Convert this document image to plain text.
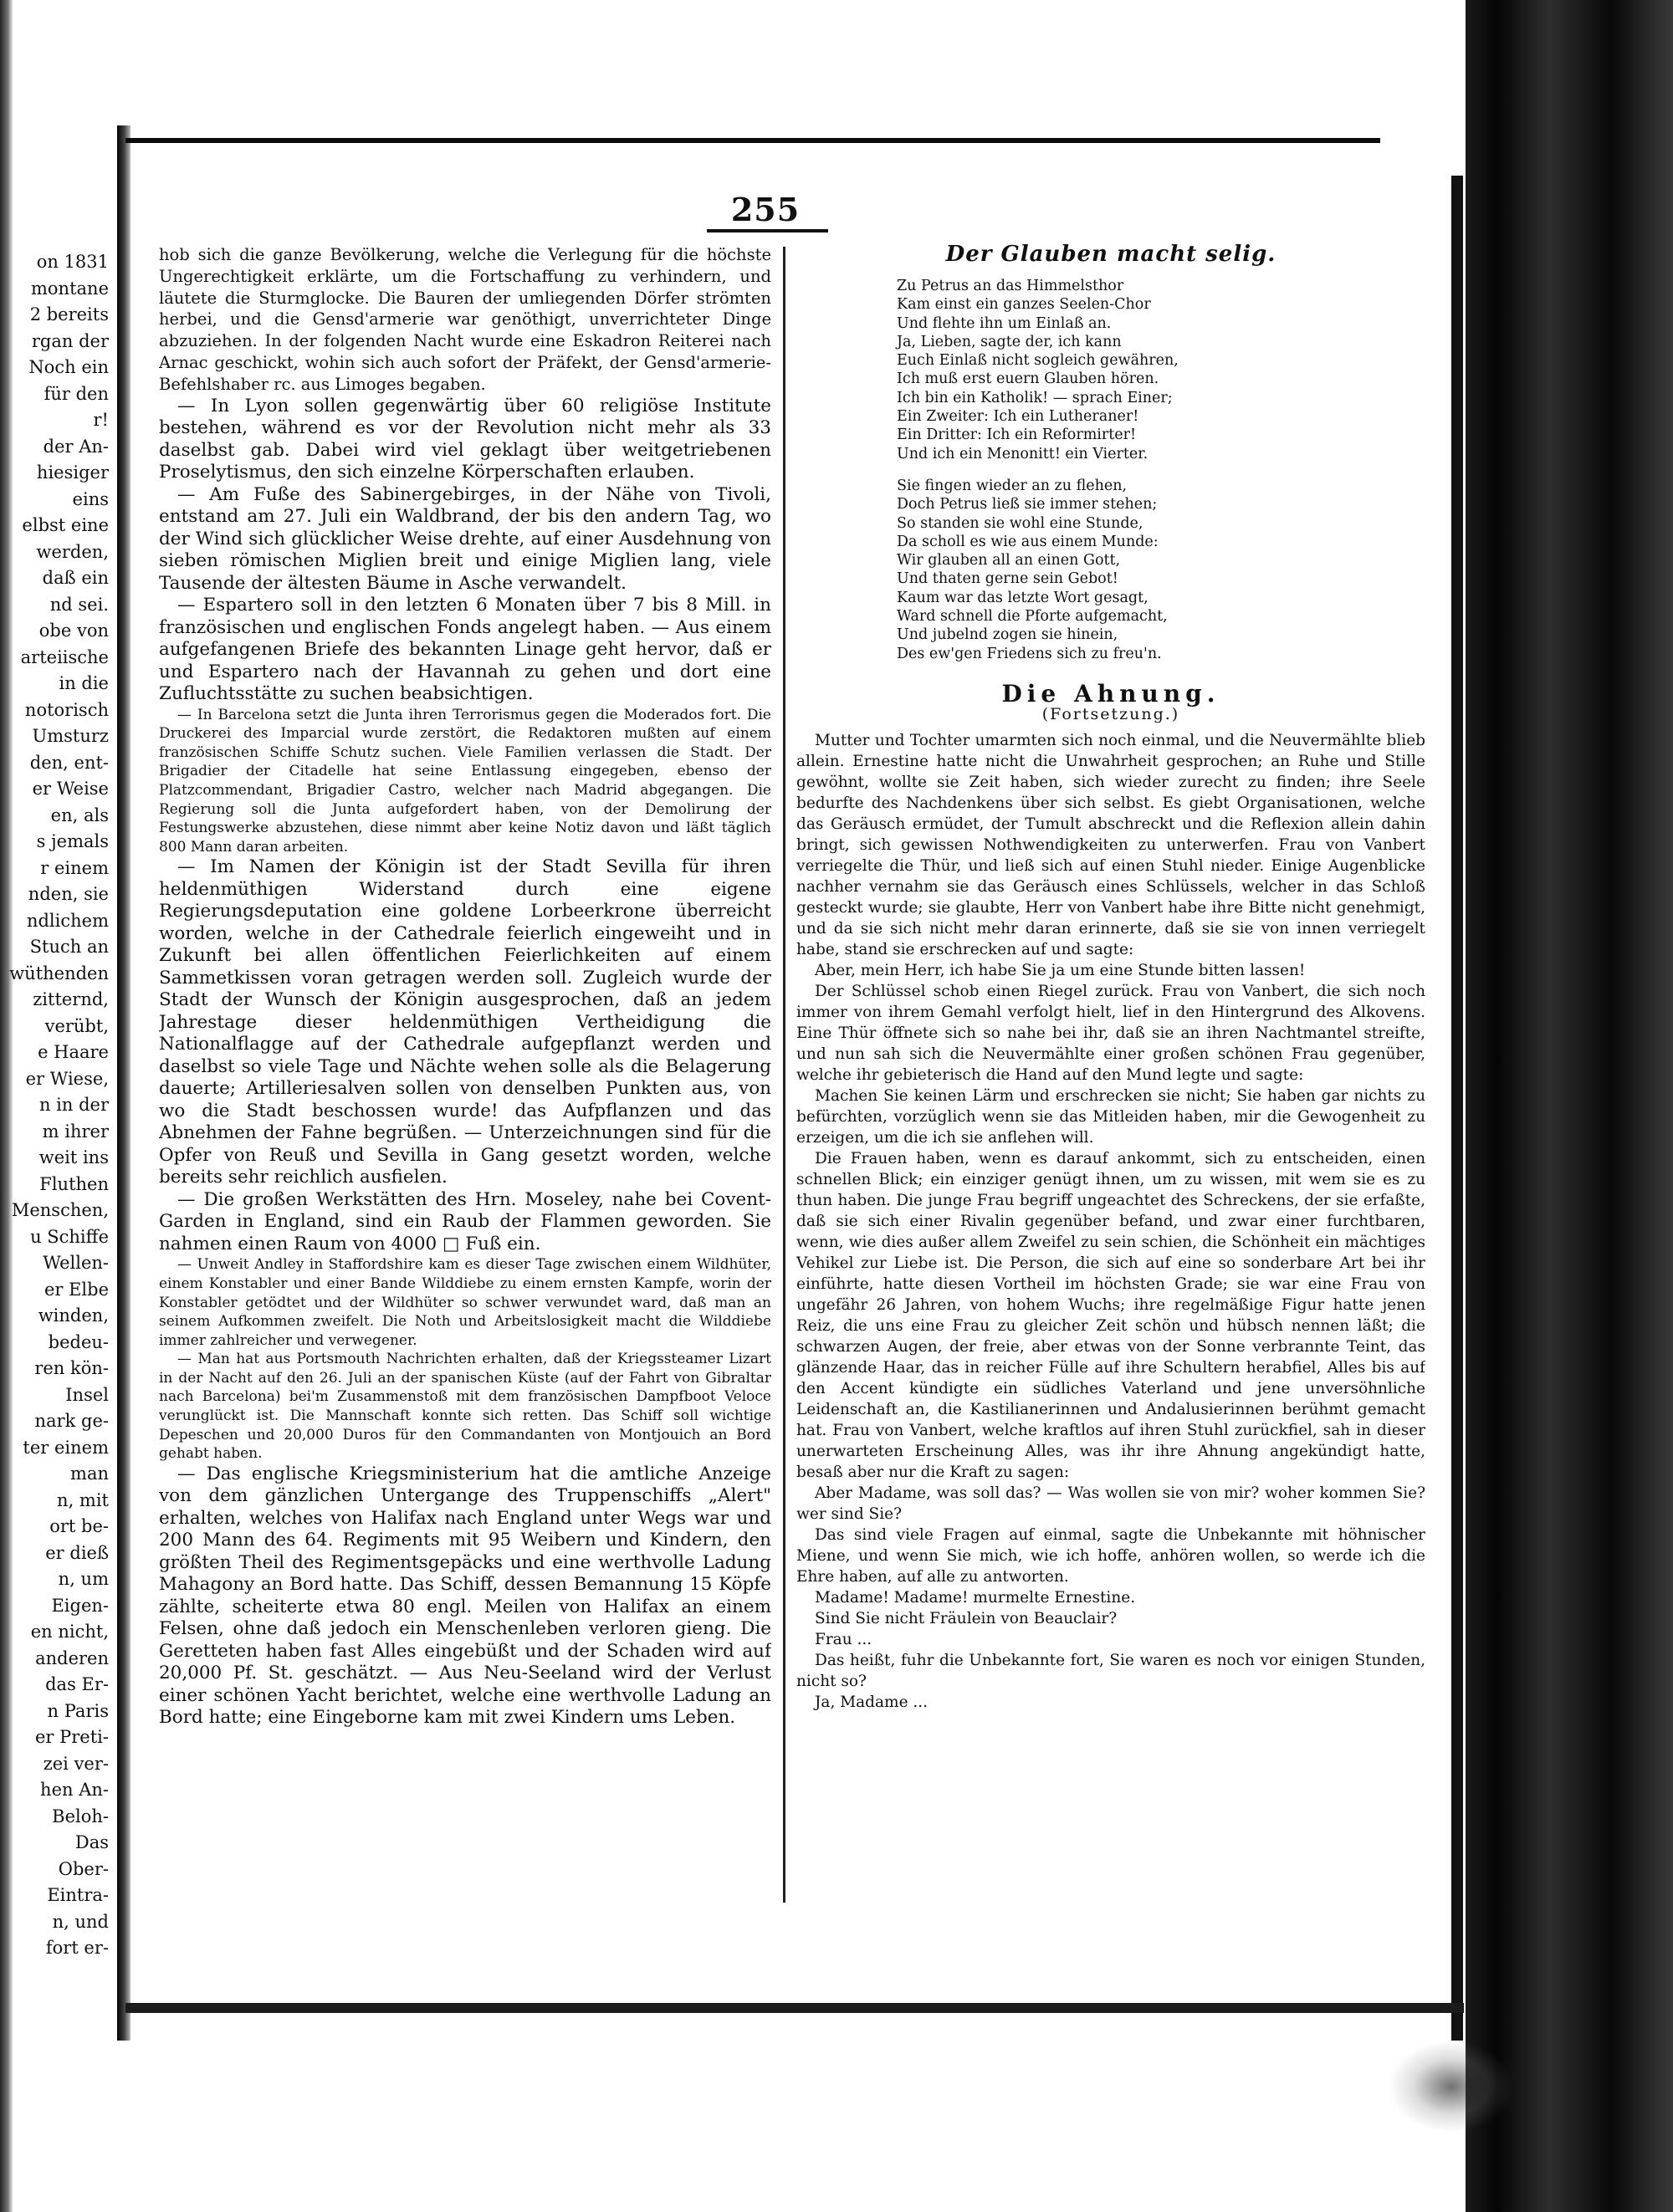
on 1831
montane
2 bereits
rgan der
Noch ein
für den
r!
der An-
hiesiger
eins
elbst eine
werden,
daß ein
nd sei.
obe von
arteiische
in die
notorisch
Umsturz
den, ent-
er Weise
en, als
s jemals
r einem
nden, sie
ndlichem
Stuch an
wüthenden
zitternd,
verübt,
e Haare
er Wiese,
n in der
m ihrer
weit ins
Fluthen
Menschen,
u Schiffe
Wellen-
er Elbe
winden,
bedeu-
ren kön-
Insel
nark ge-
ter einem
man
n, mit
ort be-
er dieß
n, um
Eigen-
en nicht,
anderen
das Er-
n Paris
er Preti-
zei ver-
hen An-
Beloh-
Das
Ober-
Eintra-
n, und
fort er-
255

hob sich die ganze Bevölkerung, welche die Verlegung für die höchste Ungerechtigkeit erklärte, um die Fortschaffung zu verhindern, und läutete die Sturmglocke. Die Bauren der umliegenden Dörfer strömten herbei, und die Gensd'armerie war genöthigt, unverrichteter Dinge abzuziehen. In der folgenden Nacht wurde eine Eskadron Reiterei nach Arnac geschickt, wohin sich auch sofort der Präfekt, der Gensd'armerie-Befehlshaber rc. aus Limoges begaben.

— In Lyon sollen gegenwärtig über 60 religiöse Institute bestehen, während es vor der Revolution nicht mehr als 33 daselbst gab. Dabei wird viel geklagt über weitgetriebenen Proselytismus, den sich einzelne Körperschaften erlauben.

— Am Fuße des Sabinergebirges, in der Nähe von Tivoli, entstand am 27. Juli ein Waldbrand, der bis den andern Tag, wo der Wind sich glücklicher Weise drehte, auf einer Ausdehnung von sieben römischen Miglien breit und einige Miglien lang, viele Tausende der ältesten Bäume in Asche verwandelt.

— Espartero soll in den letzten 6 Monaten über 7 bis 8 Mill. in französischen und englischen Fonds angelegt haben. — Aus einem aufgefangenen Briefe des bekannten Linage geht hervor, daß er und Espartero nach der Havannah zu gehen und dort eine Zufluchtsstätte zu suchen beabsichtigen.

— In Barcelona setzt die Junta ihren Terrorismus gegen die Moderados fort. Die Druckerei des Imparcial wurde zerstört, die Redaktoren mußten auf einem französischen Schiffe Schutz suchen. Viele Familien verlassen die Stadt. Der Brigadier der Citadelle hat seine Entlassung eingegeben, ebenso der Platzcommendant, Brigadier Castro, welcher nach Madrid abgegangen. Die Regierung soll die Junta aufgefordert haben, von der Demolirung der Festungswerke abzustehen, diese nimmt aber keine Notiz davon und läßt täglich 800 Mann daran arbeiten.

— Im Namen der Königin ist der Stadt Sevilla für ihren heldenmüthigen Widerstand durch eine eigene Regierungsdeputation eine goldene Lorbeerkrone überreicht worden, welche in der Cathedrale feierlich eingeweiht und in Zukunft bei allen öffentlichen Feierlichkeiten auf einem Sammetkissen voran getragen werden soll. Zugleich wurde der Stadt der Wunsch der Königin ausgesprochen, daß an jedem Jahrestage dieser heldenmüthigen Vertheidigung die Nationalflagge auf der Cathedrale aufgepflanzt werden und daselbst so viele Tage und Nächte wehen solle als die Belagerung dauerte; Artilleriesalven sollen von denselben Punkten aus, von wo die Stadt beschossen wurde! das Aufpflanzen und das Abnehmen der Fahne begrüßen. — Unterzeichnungen sind für die Opfer von Reuß und Sevilla in Gang gesetzt worden, welche bereits sehr reichlich ausfielen.

— Die großen Werkstätten des Hrn. Moseley, nahe bei Covent-Garden in England, sind ein Raub der Flammen geworden. Sie nahmen einen Raum von 4000 □ Fuß ein.

— Unweit Andley in Staffordshire kam es dieser Tage zwischen einem Wildhüter, einem Konstabler und einer Bande Wilddiebe zu einem ernsten Kampfe, worin der Konstabler getödtet und der Wildhüter so schwer verwundet ward, daß man an seinem Aufkommen zweifelt. Die Noth und Arbeitslosigkeit macht die Wilddiebe immer zahlreicher und verwegener.

— Man hat aus Portsmouth Nachrichten erhalten, daß der Kriegssteamer Lizart in der Nacht auf den 26. Juli an der spanischen Küste (auf der Fahrt von Gibraltar nach Barcelona) bei'm Zusammenstoß mit dem französischen Dampfboot Veloce verunglückt ist. Die Mannschaft konnte sich retten. Das Schiff soll wichtige Depeschen und 20,000 Duros für den Commandanten von Montjouich an Bord gehabt haben.

— Das englische Kriegsministerium hat die amtliche Anzeige von dem gänzlichen Untergange des Truppenschiffs „Alert" erhalten, welches von Halifax nach England unter Wegs war und 200 Mann des 64. Regiments mit 95 Weibern und Kindern, den größten Theil des Regimentsgepäcks und eine werthvolle Ladung Mahagony an Bord hatte. Das Schiff, dessen Bemannung 15 Köpfe zählte, scheiterte etwa 80 engl. Meilen von Halifax an einem Felsen, ohne daß jedoch ein Menschenleben verloren gieng. Die Geretteten haben fast Alles eingebüßt und der Schaden wird auf 20,000 Pf. St. geschätzt. — Aus Neu-Seeland wird der Verlust einer schönen Yacht berichtet, welche eine werthvolle Ladung an Bord hatte; eine Eingeborne kam mit zwei Kindern ums Leben.

Der Glauben macht selig.
Zu Petrus an das Himmelsthor
Kam einst ein ganzes Seelen-Chor
Und flehte ihn um Einlaß an.
Ja, Lieben, sagte der, ich kann
Euch Einlaß nicht sogleich gewähren,
Ich muß erst euern Glauben hören.
Ich bin ein Katholik! — sprach Einer;
Ein Zweiter: Ich ein Lutheraner!
Ein Dritter: Ich ein Reformirter!
Und ich ein Menonitt! ein Vierter.
Sie fingen wieder an zu flehen,
Doch Petrus ließ sie immer stehen;
So standen sie wohl eine Stunde,
Da scholl es wie aus einem Munde:
Wir glauben all an einen Gott,
Und thaten gerne sein Gebot!
Kaum war das letzte Wort gesagt,
Ward schnell die Pforte aufgemacht,
Und jubelnd zogen sie hinein,
Des ew'gen Friedens sich zu freu'n.
Die Ahnung.
(Fortsetzung.)

Mutter und Tochter umarmten sich noch einmal, und die Neuvermählte blieb allein. Ernestine hatte nicht die Unwahrheit gesprochen; an Ruhe und Stille gewöhnt, wollte sie Zeit haben, sich wieder zurecht zu finden; ihre Seele bedurfte des Nachdenkens über sich selbst. Es giebt Organisationen, welche das Geräusch ermüdet, der Tumult abschreckt und die Reflexion allein dahin bringt, sich gewissen Nothwendigkeiten zu unterwerfen. Frau von Vanbert verriegelte die Thür, und ließ sich auf einen Stuhl nieder. Einige Augenblicke nachher vernahm sie das Geräusch eines Schlüssels, welcher in das Schloß gesteckt wurde; sie glaubte, Herr von Vanbert habe ihre Bitte nicht genehmigt, und da sie sich nicht mehr daran erinnerte, daß sie sie von innen verriegelt habe, stand sie erschrecken auf und sagte:

Aber, mein Herr, ich habe Sie ja um eine Stunde bitten lassen!

Der Schlüssel schob einen Riegel zurück. Frau von Vanbert, die sich noch immer von ihrem Gemahl verfolgt hielt, lief in den Hintergrund des Alkovens. Eine Thür öffnete sich so nahe bei ihr, daß sie an ihren Nachtmantel streifte, und nun sah sich die Neuvermählte einer großen schönen Frau gegenüber, welche ihr gebieterisch die Hand auf den Mund legte und sagte:

Machen Sie keinen Lärm und erschrecken sie nicht; Sie haben gar nichts zu befürchten, vorzüglich wenn sie das Mitleiden haben, mir die Gewogenheit zu erzeigen, um die ich sie anflehen will.

Die Frauen haben, wenn es darauf ankommt, sich zu entscheiden, einen schnellen Blick; ein einziger genügt ihnen, um zu wissen, mit wem sie es zu thun haben. Die junge Frau begriff ungeachtet des Schreckens, der sie erfaßte, daß sie sich einer Rivalin gegenüber befand, und zwar einer furchtbaren, wenn, wie dies außer allem Zweifel zu sein schien, die Schönheit ein mächtiges Vehikel zur Liebe ist. Die Person, die sich auf eine so sonderbare Art bei ihr einführte, hatte diesen Vortheil im höchsten Grade; sie war eine Frau von ungefähr 26 Jahren, von hohem Wuchs; ihre regelmäßige Figur hatte jenen Reiz, die uns eine Frau zu gleicher Zeit schön und hübsch nennen läßt; die schwarzen Augen, der freie, aber etwas von der Sonne verbrannte Teint, das glänzende Haar, das in reicher Fülle auf ihre Schultern herabfiel, Alles bis auf den Accent kündigte ein südliches Vaterland und jene unversöhnliche Leidenschaft an, die Kastilianerinnen und Andalusierinnen berühmt gemacht hat. Frau von Vanbert, welche kraftlos auf ihren Stuhl zurückfiel, sah in dieser unerwarteten Erscheinung Alles, was ihr ihre Ahnung angekündigt hatte, besaß aber nur die Kraft zu sagen:

Aber Madame, was soll das? — Was wollen sie von mir? woher kommen Sie? wer sind Sie?

Das sind viele Fragen auf einmal, sagte die Unbekannte mit höhnischer Miene, und wenn Sie mich, wie ich hoffe, anhören wollen, so werde ich die Ehre haben, auf alle zu antworten.

Madame! Madame! murmelte Ernestine.

Sind Sie nicht Fräulein von Beauclair?

Frau ...

Das heißt, fuhr die Unbekannte fort, Sie waren es noch vor einigen Stunden, nicht so?

Ja, Madame ...
